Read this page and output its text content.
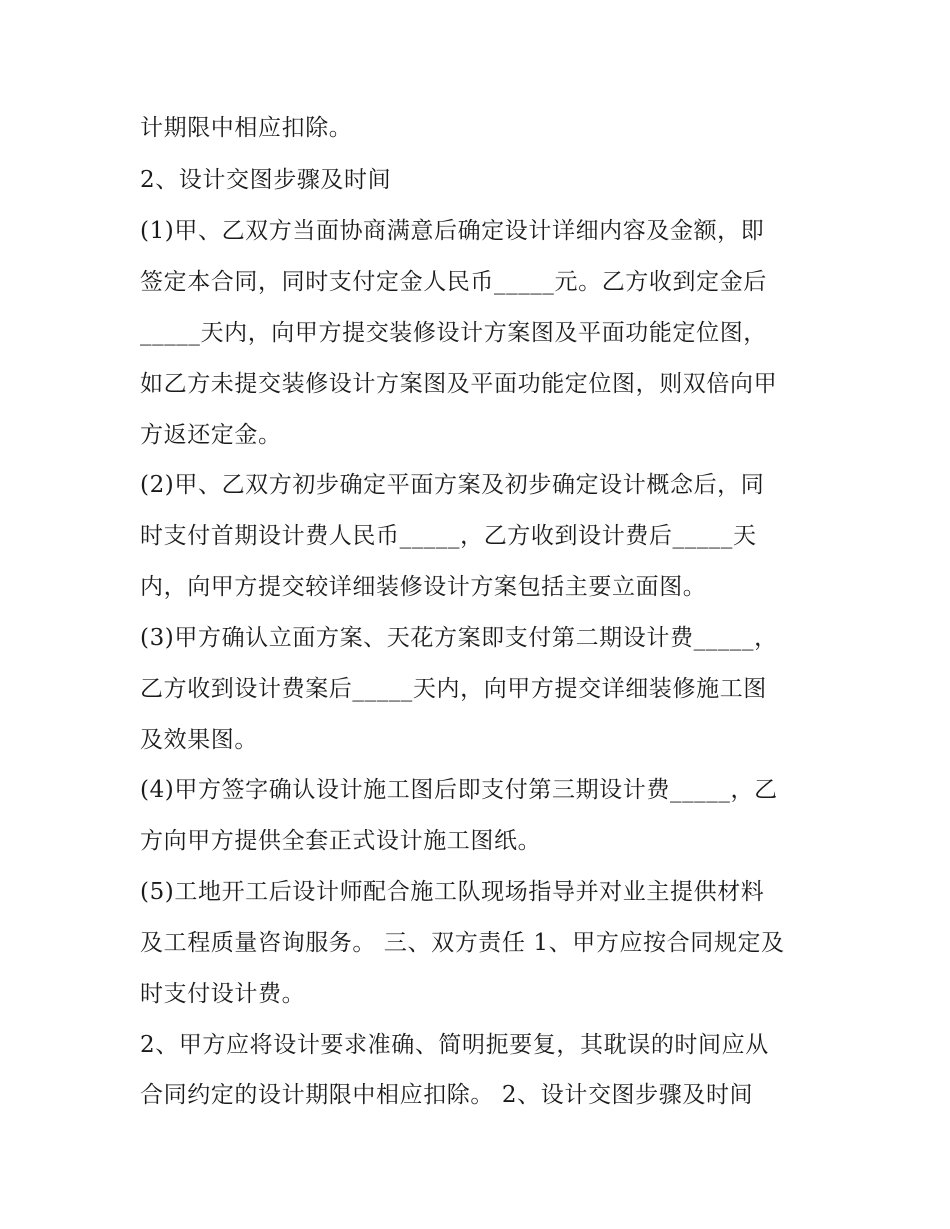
计期限中相应扣除。
2、设计交图步骤及时间
(1)甲、乙双方当面协商满意后确定设计详细内容及金额，即
签定本合同，同时支付定金人民币_____元。乙方收到定金后
_____天内，向甲方提交装修设计方案图及平面功能定位图，
如乙方未提交装修设计方案图及平面功能定位图，则双倍向甲
方返还定金。
(2)甲、乙双方初步确定平面方案及初步确定设计概念后，同
时支付首期设计费人民币_____，乙方收到设计费后_____天
内，向甲方提交较详细装修设计方案包括主要立面图。
(3)甲方确认立面方案、天花方案即支付第二期设计费_____，
乙方收到设计费案后_____天内，向甲方提交详细装修施工图
及效果图。
(4)甲方签字确认设计施工图后即支付第三期设计费_____，乙
方向甲方提供全套正式设计施工图纸。
(5)工地开工后设计师配合施工队现场指导并对业主提供材料
及工程质量咨询服务。 三、双方责任 1、甲方应按合同规定及
时支付设计费。
2、甲方应将设计要求准确、简明扼要复，其耽误的时间应从
合同约定的设计期限中相应扣除。 2、设计交图步骤及时间
